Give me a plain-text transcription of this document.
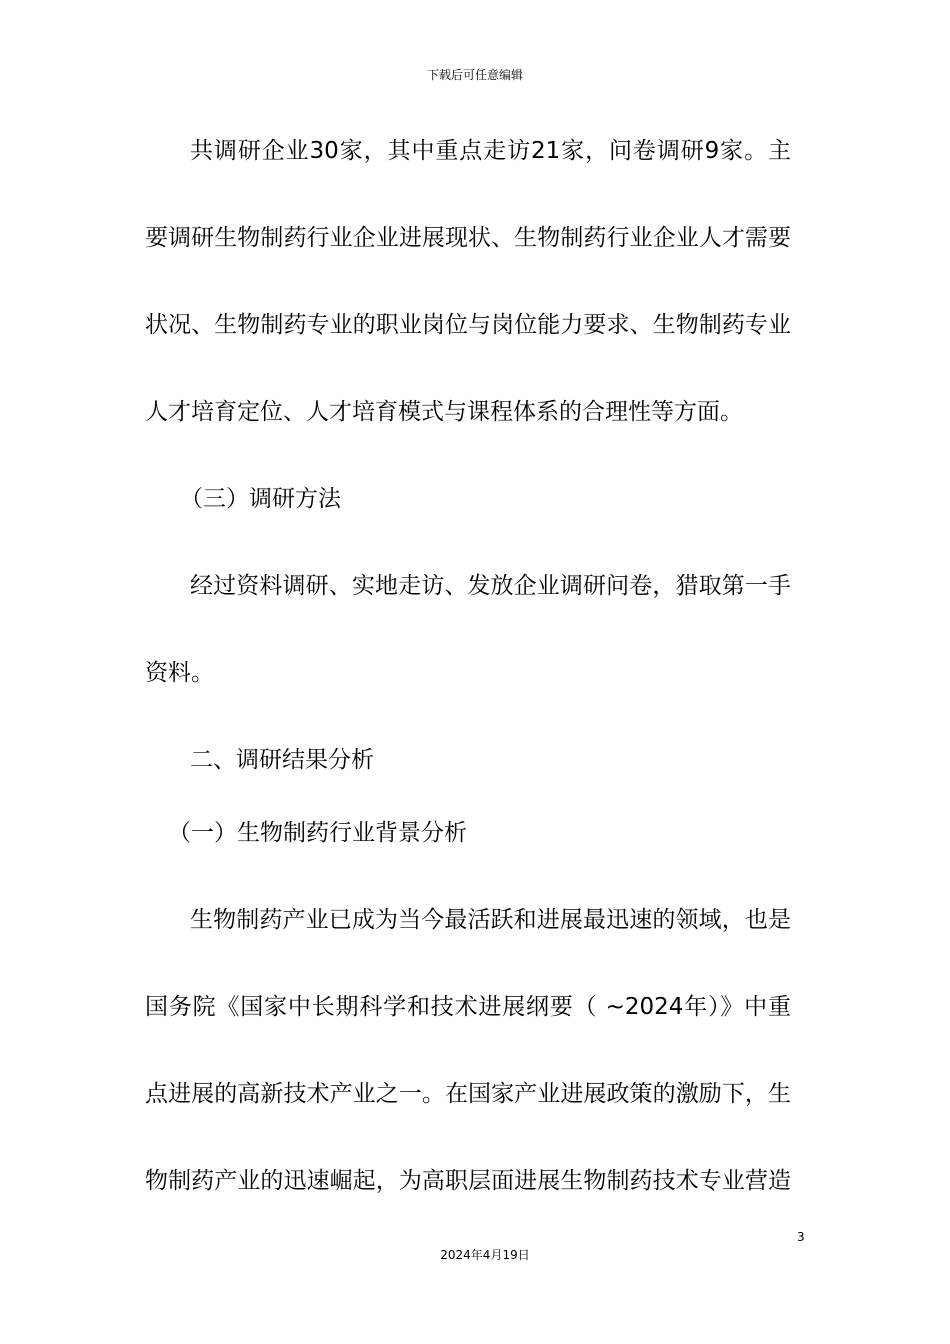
下载后可任意编辑
共调研企业30家，其中重点走访21家，问卷调研9家。主
要调研生物制药行业企业进展现状、生物制药行业企业人才需要
状况、生物制药专业的职业岗位与岗位能力要求、生物制药专业
人才培育定位、人才培育模式与课程体系的合理性等方面。
（三）调研方法
经过资料调研、实地走访、发放企业调研问卷，猎取第一手
资料。
二、调研结果分析
（一）生物制药行业背景分析
生物制药产业已成为当今最活跃和进展最迅速的领域，也是
国务院《国家中长期科学和技术进展纲要（ ~2024年）》中重
点进展的高新技术产业之一。在国家产业进展政策的激励下，生
物制药产业的迅速崛起，为高职层面进展生物制药技术专业营造
3
2024年4月19日
